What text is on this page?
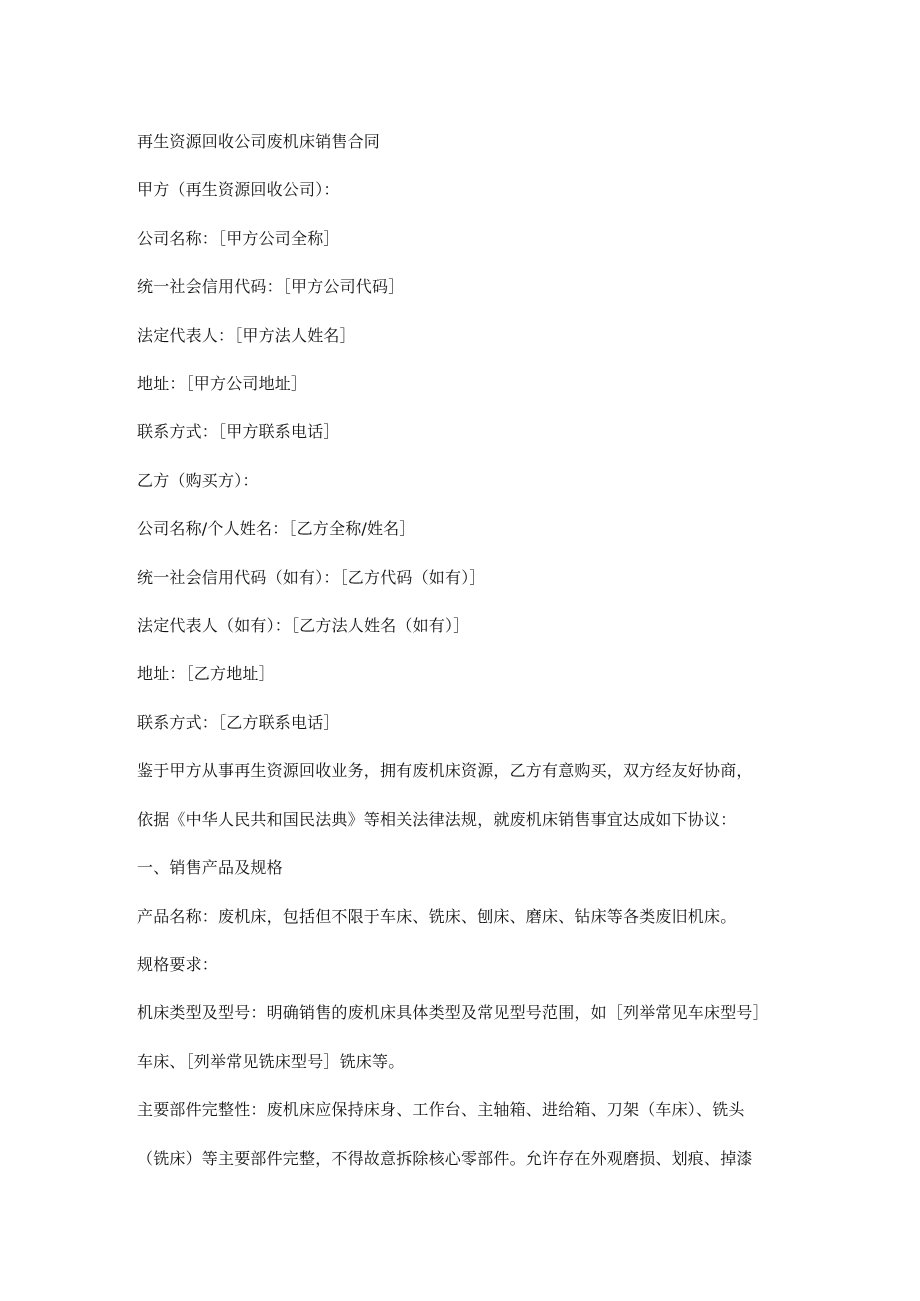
再生资源回收公司废机床销售合同
甲方（再生资源回收公司）：
公司名称：［甲方公司全称］
统一社会信用代码：［甲方公司代码］
法定代表人：［甲方法人姓名］
地址：［甲方公司地址］
联系方式：［甲方联系电话］
乙方（购买方）：
公司名称/个人姓名：［乙方全称/姓名］
统一社会信用代码（如有）：［乙方代码（如有）］
法定代表人（如有）：［乙方法人姓名（如有）］
地址：［乙方地址］
联系方式：［乙方联系电话］
鉴于甲方从事再生资源回收业务，拥有废机床资源，乙方有意购买，双方经友好协商，
依据《中华人民共和国民法典》等相关法律法规，就废机床销售事宜达成如下协议：
一、销售产品及规格
产品名称：废机床，包括但不限于车床、铣床、刨床、磨床、钻床等各类废旧机床。
规格要求：
机床类型及型号：明确销售的废机床具体类型及常见型号范围，如［列举常见车床型号］
车床、［列举常见铣床型号］铣床等。
主要部件完整性：废机床应保持床身、工作台、主轴箱、进给箱、刀架（车床）、铣头
（铣床）等主要部件完整，不得故意拆除核心零部件。允许存在外观磨损、划痕、掉漆
